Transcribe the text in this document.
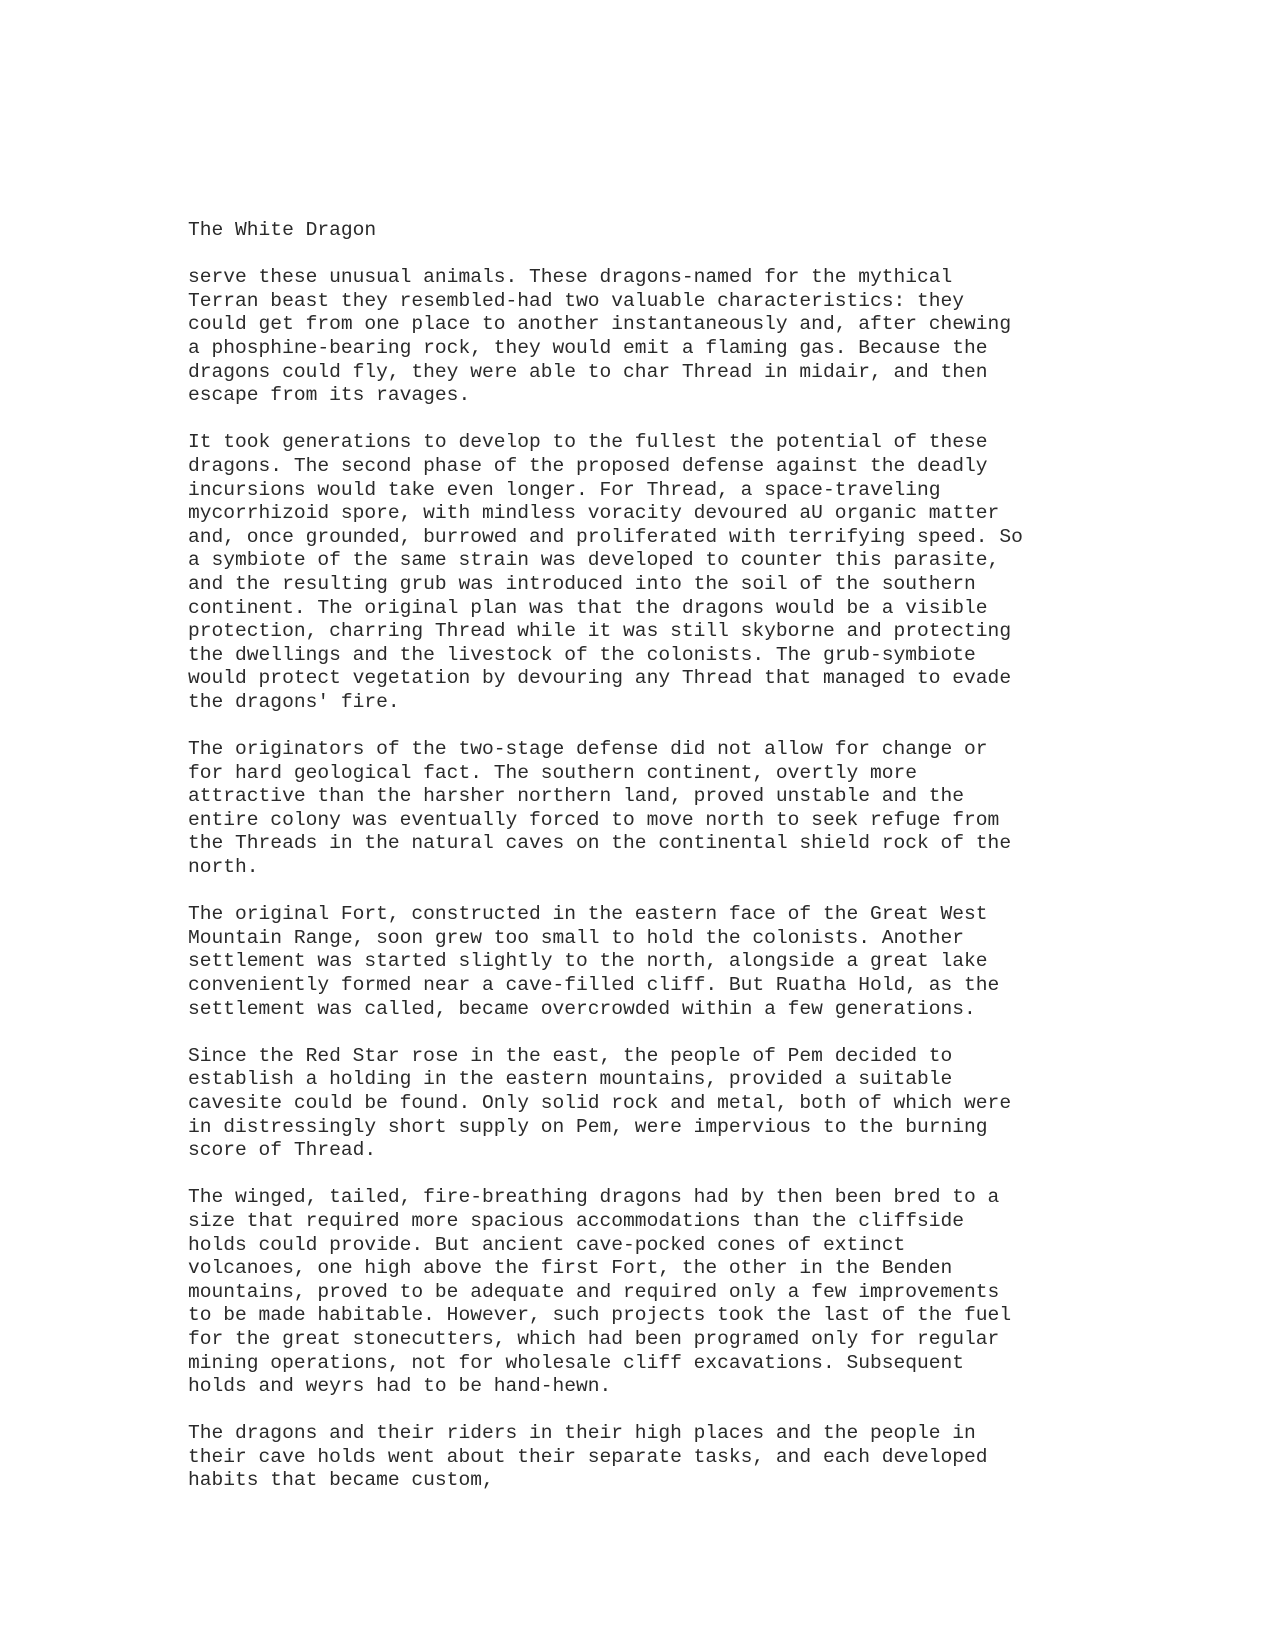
The White Dragon
serve these unusual animals. These dragons-named for the mythical
Terran beast they resembled-had two valuable characteristics: they
could get from one place to another instantaneously and, after chewing
a phosphine-bearing rock, they would emit a flaming gas. Because the
dragons could fly, they were able to char Thread in midair, and then
escape from its ravages.
It took generations to develop to the fullest the potential of these
dragons. The second phase of the proposed defense against the deadly
incursions would take even longer. For Thread, a space-traveling
mycorrhizoid spore, with mindless voracity devoured aU organic matter
and, once grounded, burrowed and proliferated with terrifying speed. So
a symbiote of the same strain was developed to counter this parasite,
and the resulting grub was introduced into the soil of the southern
continent. The original plan was that the dragons would be a visible
protection, charring Thread while it was still skyborne and protecting
the dwellings and the livestock of the colonists. The grub-symbiote
would protect vegetation by devouring any Thread that managed to evade
the dragons' fire.
The originators of the two-stage defense did not allow for change or
for hard geological fact. The southern continent, overtly more
attractive than the harsher northern land, proved unstable and the
entire colony was eventually forced to move north to seek refuge from
the Threads in the natural caves on the continental shield rock of the
north.
The original Fort, constructed in the eastern face of the Great West
Mountain Range, soon grew too small to hold the colonists. Another
settlement was started slightly to the north, alongside a great lake
conveniently formed near a cave-filled cliff. But Ruatha Hold, as the
settlement was called, became overcrowded within a few generations.
Since the Red Star rose in the east, the people of Pem decided to
establish a holding in the eastern mountains, provided a suitable
cavesite could be found. Only solid rock and metal, both of which were
in distressingly short supply on Pem, were impervious to the burning
score of Thread.
The winged, tailed, fire-breathing dragons had by then been bred to a
size that required more spacious accommodations than the cliffside
holds could provide. But ancient cave-pocked cones of extinct
volcanoes, one high above the first Fort, the other in the Benden
mountains, proved to be adequate and required only a few improvements
to be made habitable. However, such projects took the last of the fuel
for the great stonecutters, which had been programed only for regular
mining operations, not for wholesale cliff excavations. Subsequent
holds and weyrs had to be hand-hewn.
The dragons and their riders in their high places and the people in
their cave holds went about their separate tasks, and each developed
habits that became custom,
